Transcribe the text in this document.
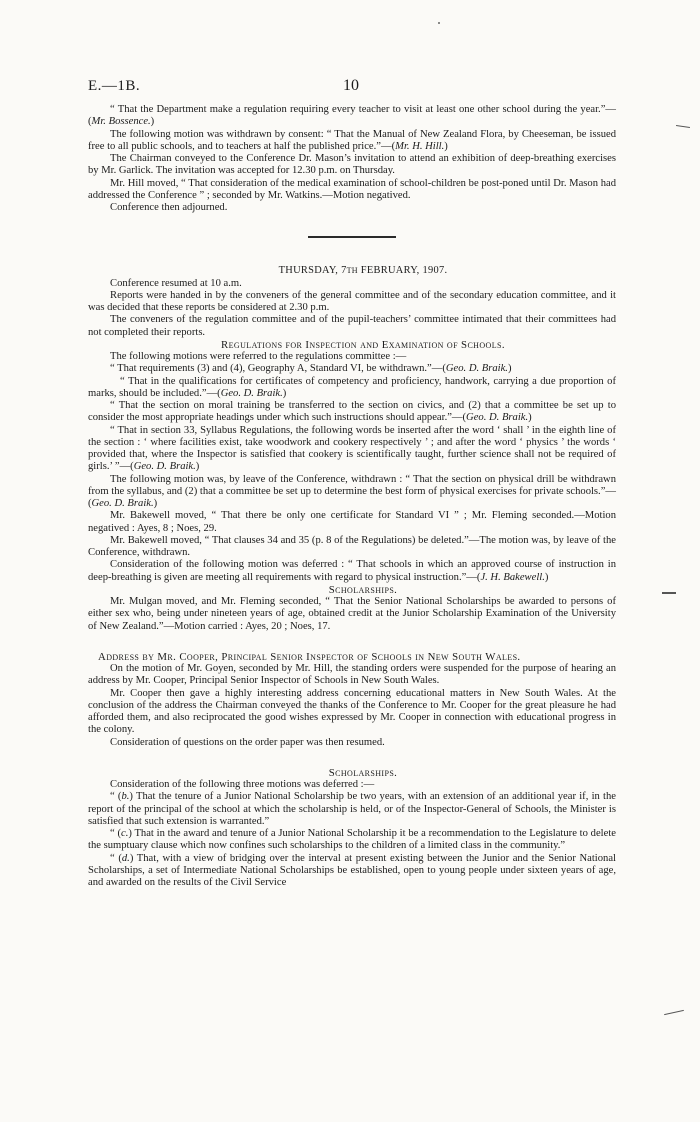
E.—1B.	10

“ That the Department make a regulation requiring every teacher to visit at least one other school during the year.”—(Mr. Bossence.)

The following motion was withdrawn by consent: “ That the Manual of New Zealand Flora, by Cheeseman, be issued free to all public schools, and to teachers at half the published price.”—(Mr. H. Hill.)

The Chairman conveyed to the Conference Dr. Mason’s invitation to attend an exhibition of deep-breathing exercises by Mr. Garlick. The invitation was accepted for 12.30 p.m. on Thursday.

Mr. Hill moved, “ That consideration of the medical examination of school-children be post-poned until Dr. Mason had addressed the Conference ” ; seconded by Mr. Watkins.—Motion negatived.

Conference then adjourned.

THURSDAY, 7TH FEBRUARY, 1907.

Conference resumed at 10 a.m.

Reports were handed in by the conveners of the general committee and of the secondary education committee, and it was decided that these reports be considered at 2.30 p.m.

The conveners of the regulation committee and of the pupil-teachers’ committee intimated that their committees had not completed their reports.

Regulations for Inspection and Examination of Schools.

The following motions were referred to the regulations committee :—

“ That requirements (3) and (4), Geography A, Standard VI, be withdrawn.”—(Geo. D. Braik.)

“ That in the qualifications for certificates of competency and proficiency, handwork, carrying a due proportion of marks, should be included.”—(Geo. D. Braik.)

“ That the section on moral training be transferred to the section on civics, and (2) that a committee be set up to consider the most appropriate headings under which such instructions should appear.”—(Geo. D. Braik.)

“ That in section 33, Syllabus Regulations, the following words be inserted after the word ‘ shall ’ in the eighth line of the section : ‘ where facilities exist, take woodwork and cookery respectively ’ ; and after the word ‘ physics ’ the words ‘ provided that, where the Inspector is satisfied that cookery is scientifically taught, further science shall not be required of girls.’ ”—(Geo. D. Braik.)

The following motion was, by leave of the Conference, withdrawn : “ That the section on physical drill be withdrawn from the syllabus, and (2) that a committee be set up to determine the best form of physical exercises for private schools.”—(Geo. D. Braik.)

Mr. Bakewell moved, “ That there be only one certificate for Standard VI ” ; Mr. Fleming seconded.—Motion negatived : Ayes, 8 ; Noes, 29.

Mr. Bakewell moved, “ That clauses 34 and 35 (p. 8 of the Regulations) be deleted.”—The motion was, by leave of the Conference, withdrawn.

Consideration of the following motion was deferred : “ That schools in which an approved course of instruction in deep-breathing is given are meeting all requirements with regard to physical instruction.”—(J. H. Bakewell.)

Scholarships.

Mr. Mulgan moved, and Mr. Fleming seconded, “ That the Senior National Scholarships be awarded to persons of either sex who, being under nineteen years of age, obtained credit at the Junior Scholarship Examination of the University of New Zealand.”—Motion carried : Ayes, 20 ; Noes, 17.

Address by Mr. Cooper, Principal Senior Inspector of Schools in New South Wales.

On the motion of Mr. Goyen, seconded by Mr. Hill, the standing orders were suspended for the purpose of hearing an address by Mr. Cooper, Principal Senior Inspector of Schools in New South Wales.

Mr. Cooper then gave a highly interesting address concerning educational matters in New South Wales. At the conclusion of the address the Chairman conveyed the thanks of the Conference to Mr. Cooper for the great pleasure he had afforded them, and also reciprocated the good wishes expressed by Mr. Cooper in connection with educational progress in the colony.

Consideration of questions on the order paper was then resumed.

Scholarships.

Consideration of the following three motions was deferred :—

“ (b.) That the tenure of a Junior National Scholarship be two years, with an extension of an additional year if, in the report of the principal of the school at which the scholarship is held, or of the Inspector-General of Schools, the Minister is satisfied that such extension is warranted.”

“ (c.) That in the award and tenure of a Junior National Scholarship it be a recommendation to the Legislature to delete the sumptuary clause which now confines such scholarships to the children of a limited class in the community.”

“ (d.) That, with a view of bridging over the interval at present existing between the Junior and the Senior National Scholarships, a set of Intermediate National Scholarships be established, open to young people under sixteen years of age, and awarded on the results of the Civil Service
